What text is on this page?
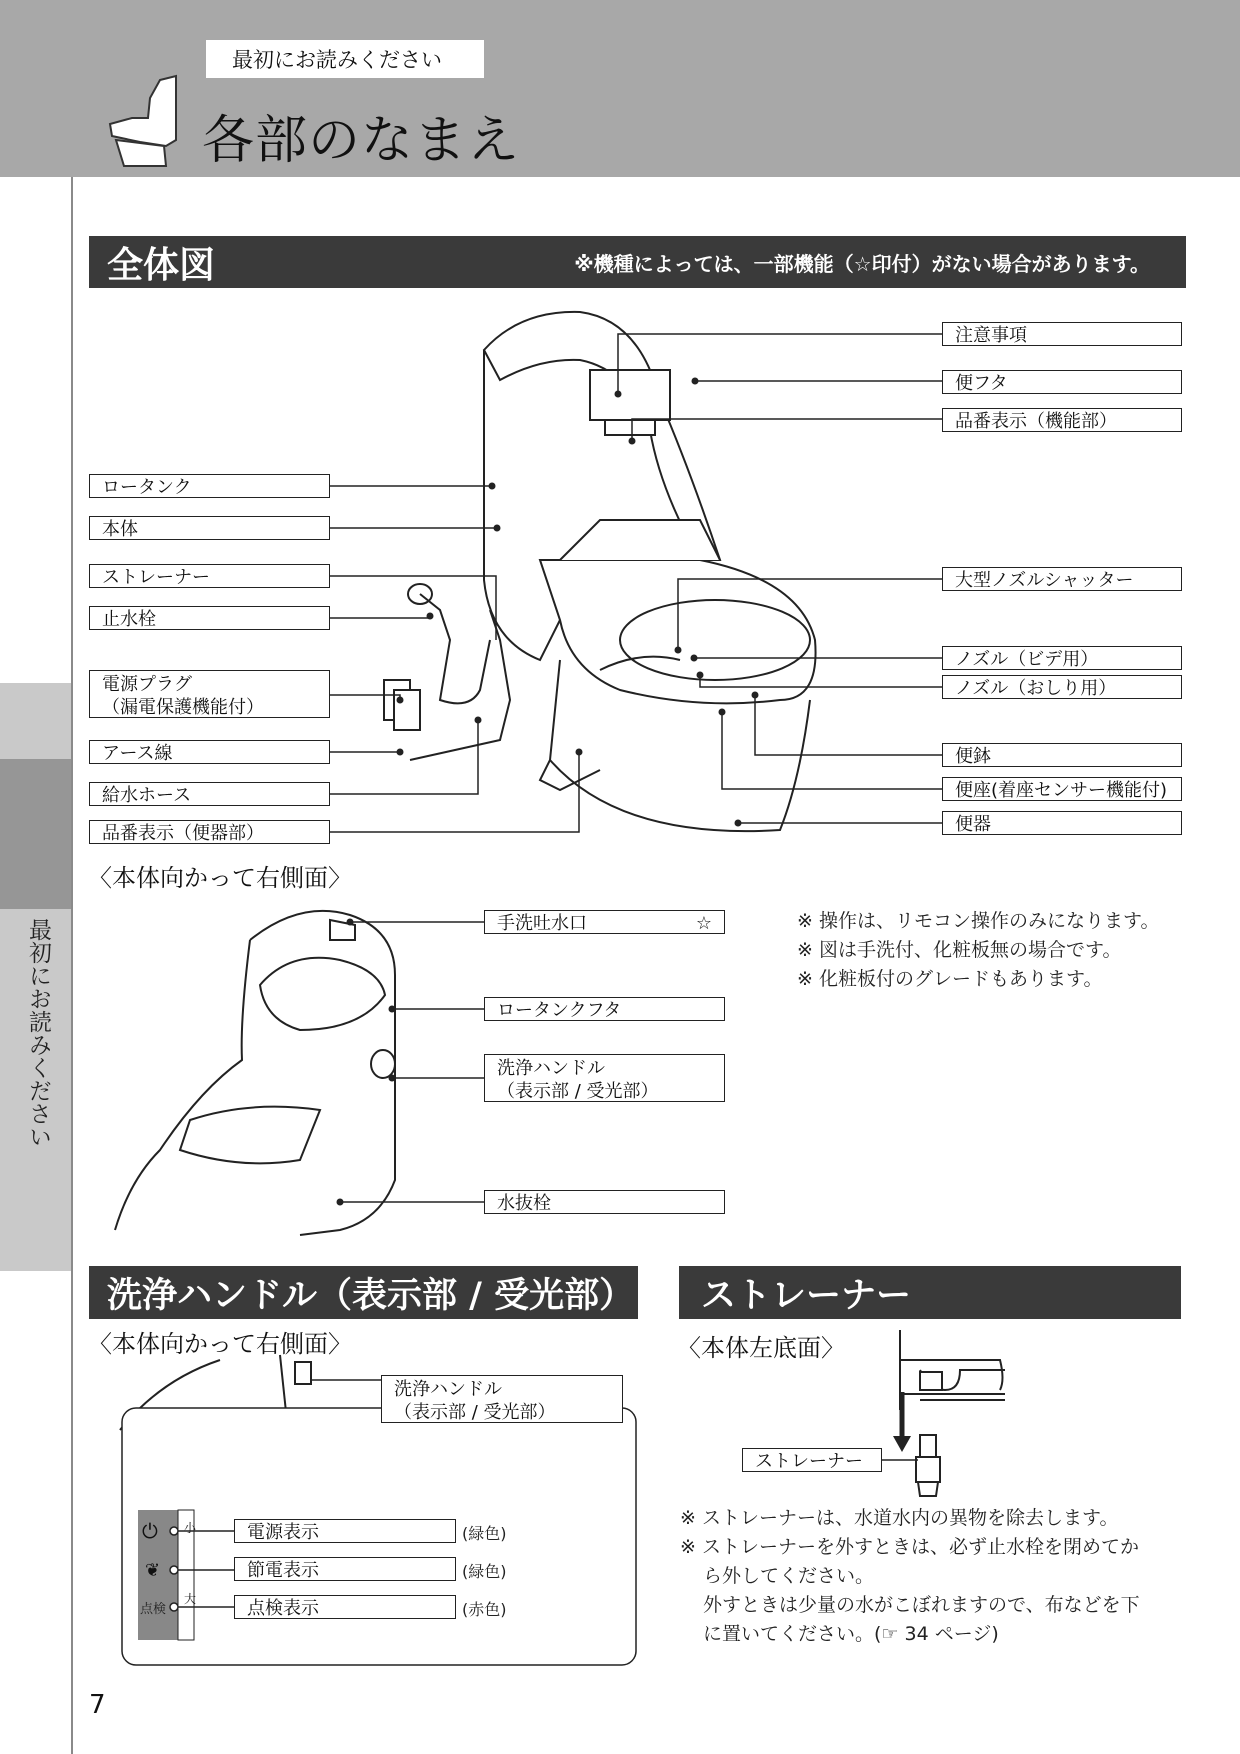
最初にお読みください
⏻
❦
各部のなまえ
最初にお読みください
全体図	※機種によっては、一部機能（☆印付）がない場合があります。
注意事項
便フタ
品番表示（機能部）
大型ノズルシャッター
ノズル（ビデ用）
ノズル（おしり用）
便鉢
便座(着座センサー機能付)
便器
ロータンク
本体
ストレーナー
止水栓
電源プラグ
（漏電保護機能付）
アース線
給水ホース
品番表示（便器部）
〈本体向かって右側面〉
手洗吐水口	☆
ロータンクフタ
洗浄ハンドル
（表示部 / 受光部）
水抜栓
※ 操作は、リモコン操作のみになります。
※ 図は手洗付、化粧板無の場合です。
※ 化粧板付のグレードもあります。
洗浄ハンドル（表示部 / 受光部）
〈本体向かって右側面〉
洗浄ハンドル
（表示部 / 受光部）
小
大
点検
電源表示
節電表示
点検表示
(緑色)
(緑色)
(赤色)
ストレーナー
〈本体左底面〉
ストレーナー
※ ストレーナーは、水道水内の異物を除去します。
※ ストレーナーを外すときは、必ず止水栓を閉めてか
ら外してください。
外すときは少量の水がこぼれますので、布などを下
に置いてください。(☞ 34 ページ)
7
